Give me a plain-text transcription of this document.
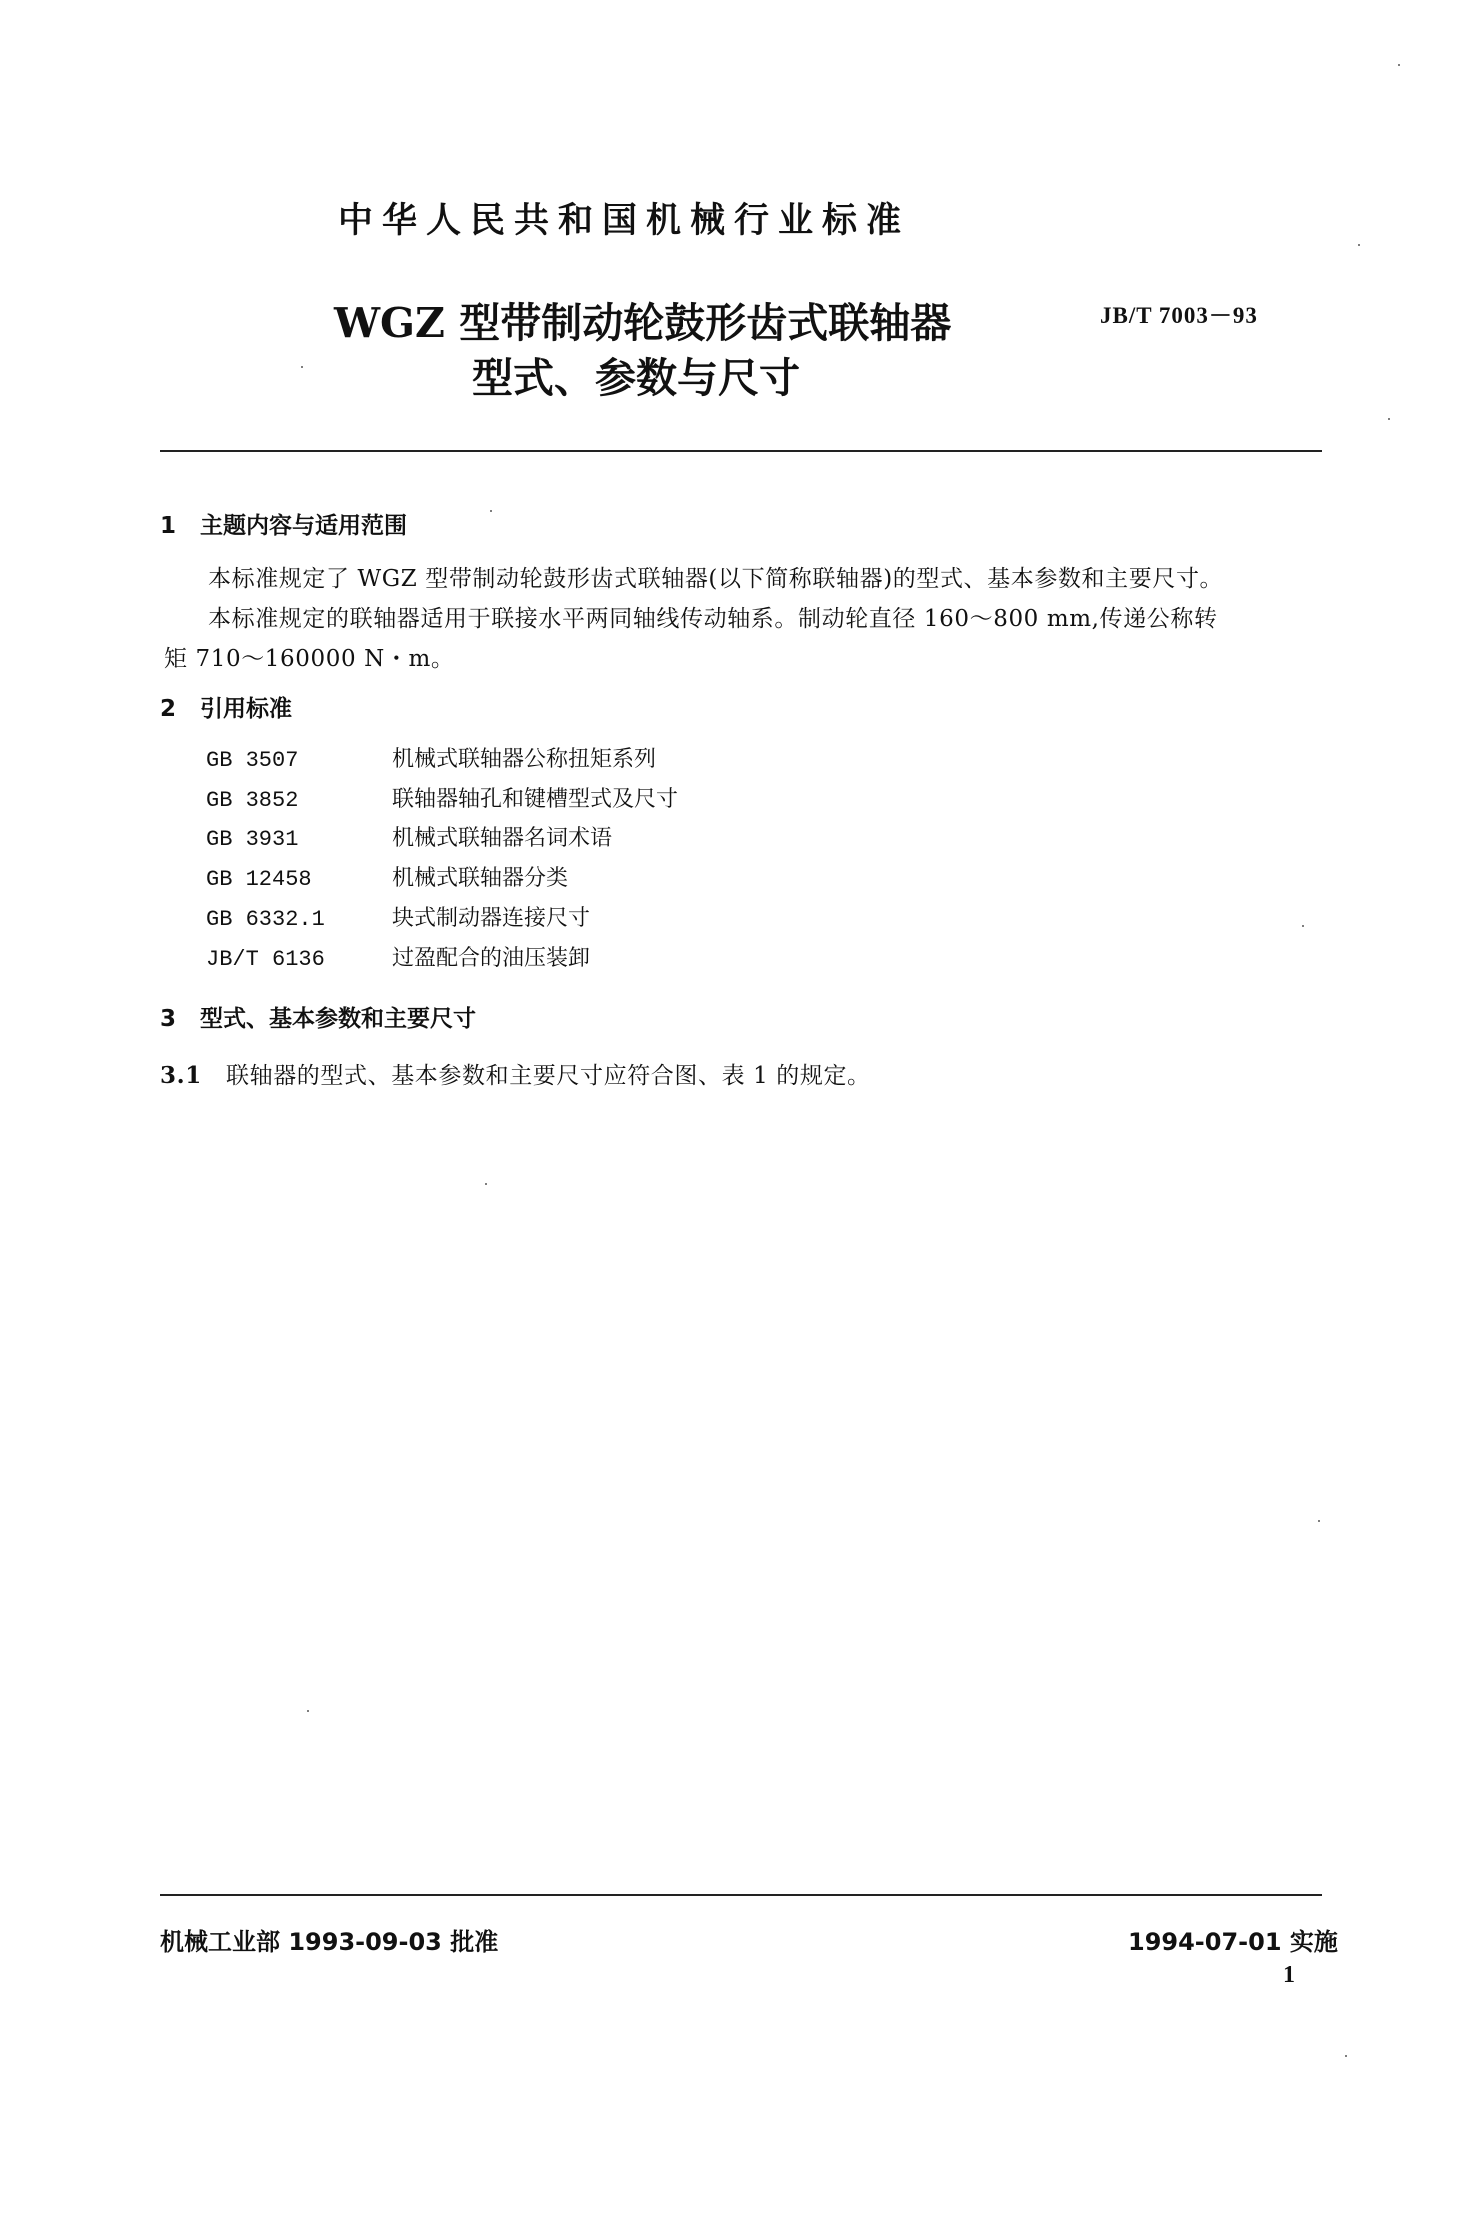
中华人民共和国机械行业标准
WGZ 型带制动轮鼓形齿式联轴器
型式、参数与尺寸
JB/T 7003－93
1 主题内容与适用范围
本标准规定了 WGZ 型带制动轮鼓形齿式联轴器(以下简称联轴器)的型式、基本参数和主要尺寸。
本标准规定的联轴器适用于联接水平两同轴线传动轴系。制动轮直径 160～800 mm,传递公称转
矩 710～160000 N・m。
2 引用标准
GB 3507	机械式联轴器公称扭矩系列
GB 3852	联轴器轴孔和键槽型式及尺寸
GB 3931	机械式联轴器名词术语
GB 12458	机械式联轴器分类
GB 6332.1	块式制动器连接尺寸
JB/T 6136	过盈配合的油压装卸
3 型式、基本参数和主要尺寸
3.1 联轴器的型式、基本参数和主要尺寸应符合图、表 1 的规定。
机械工业部 1993-09-03 批准	1994-07-01 实施
1
